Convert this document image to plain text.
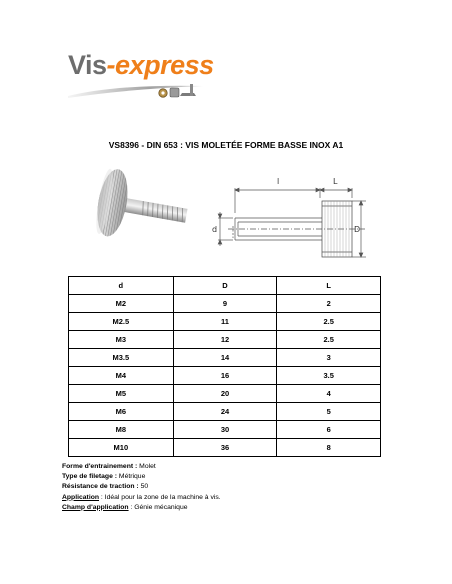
Vis-express
VS8396 - DIN 653 : VIS MOLETÉE FORME BASSE INOX A1
l	L
d	D
d	D	L
M2	9	2
M2.5	11	2.5
M3	12	2.5
M3.5	14	3
M4	16	3.5
M5	20	4
M6	24	5
M8	30	6
M10	36	8
Forme d'entrainement : Molet
Type de filetage : Métrique
Résistance de traction : 50
Application : Idéal pour la zone de la machine à vis.
Champ d'application : Génie mécanique
